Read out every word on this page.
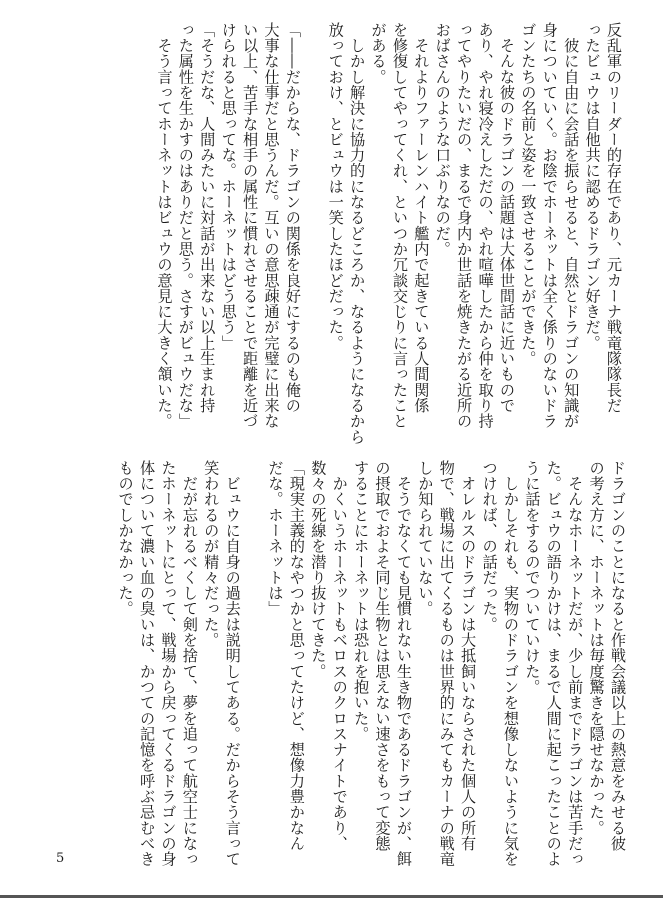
反乱軍のリーダー的存在であり、元カーナ戦竜隊隊長だ
ったビュウは自他共に認めるドラゴン好きだ。
　彼に自由に会話を振らせると、自然とドラゴンの知識が
身についていく。お陰でホーネットは全く係りのないドラ
ゴンたちの名前と姿を一致させることができた。
　そんな彼のドラゴンの話題は大体世間話に近いもので
あり、やれ寝冷えしただの、やれ喧嘩したから仲を取り持
ってやりたいだの、まるで身内か世話を焼きたがる近所の
おばさんのような口ぶりなのだ。
　それよりファーレンハイト艦内で起きている人間関係
を修復してやってくれ、といつか冗談交じりに言ったこと
がある。
　しかし解決に協力的になるどころか、なるようになるから
放っておけ、とビュウは一笑したほどだった。

「――だからな、ドラゴンの関係を良好にするのも俺の
大事な仕事だと思うんだ。互いの意思疎通が完璧に出来な
い以上、苦手な相手の属性に慣れさせることで距離を近づ
けられると思ってな。ホーネットはどう思う」
「そうだな、人間みたいに対話が出来ない以上生まれ持
った属性を生かすのはありだと思う。さすがビュウだな」
　そう言ってホーネットはビュウの意見に大きく頷いた。
ドラゴンのことになると作戦会議以上の熱意をみせる彼
の考え方に、ホーネットは毎度驚きを隠せなかった。
　そんなホーネットだが、少し前までドラゴンは苦手だっ
た。ビュウの語りかけは、まるで人間に起こったことのよ
うに話をするのでついていけた。
　しかしそれも、実物のドラゴンを想像しないように気を
つければ、の話だった。
　オレルスのドラゴンは大抵飼いならされた個人の所有
物で、戦場に出てくるものは世界的にみてもカーナの戦竜
しか知られていない。
　そうでなくても見慣れない生き物であるドラゴンが、餌
の摂取でおよそ同じ生物とは思えない速さをもって変態
することにホーネットは恐れを抱いた。
　かくいうホーネットもベロスのクロスナイトであり、
数々の死線を潜り抜けてきた。
「現実主義的なやつかと思ってたけど、想像力豊かなん
だな。ホーネットは」

　ビュウに自身の過去は説明してある。だからそう言って
笑われるのが精々だった。
　だが忘れるべくして剣を捨て、夢を追って航空士になっ
たホーネットにとって、戦場から戻ってくるドラゴンの身
体について濃い血の臭いは、かつての記憶を呼ぶ忌むべき
ものでしかなかった。
5
